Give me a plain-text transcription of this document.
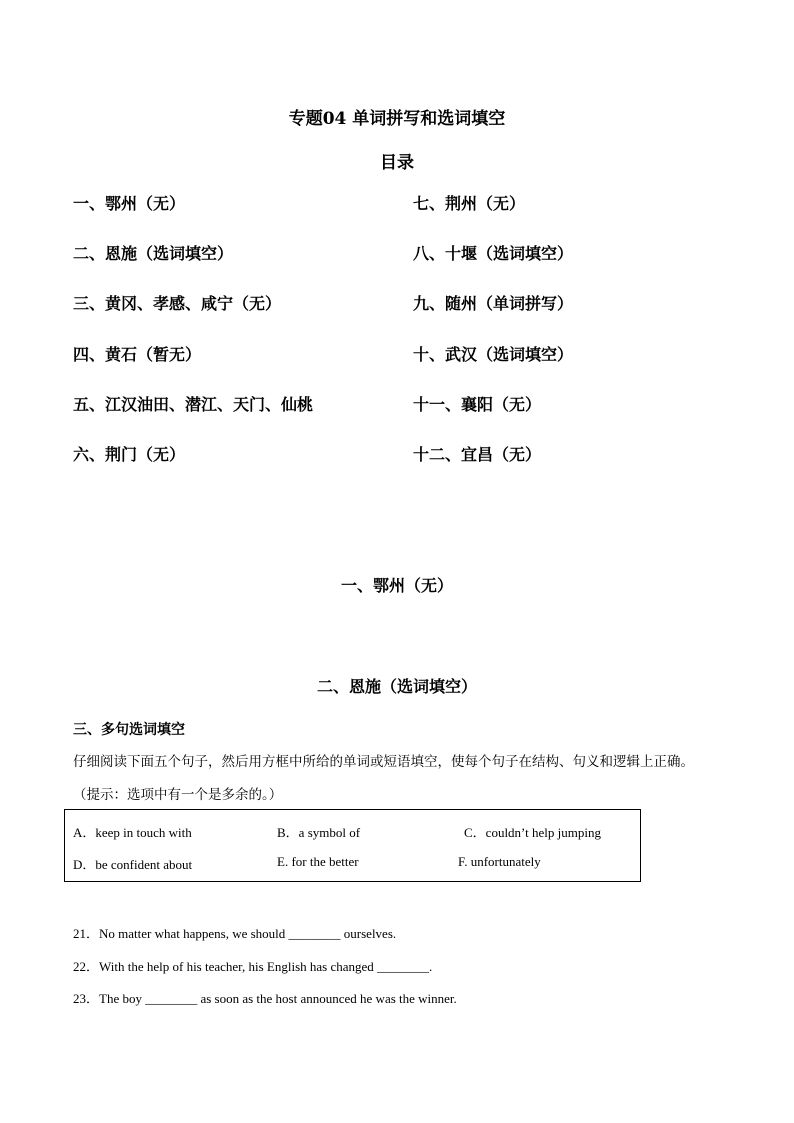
专题04 单词拼写和选词填空
目录
一、鄂州（无）
二、恩施（选词填空）
三、黄冈、孝感、咸宁（无）
四、黄石（暂无）
五、江汉油田、潜江、天门、仙桃
六、荆门（无）
七、荆州（无）
八、十堰（选词填空）
九、随州（单词拼写）
十、武汉（选词填空）
十一、襄阳（无）
十二、宜昌（无）
一、鄂州（无）
二、恩施（选词填空）
三、多句选词填空
仔细阅读下面五个句子，然后用方框中所给的单词或短语填空，使每个句子在结构、句义和逻辑上正确。
（提示：选项中有一个是多余的。）
A．keep in touch with	B．a symbol of	C．couldn’t help jumping
D．be confident about	E. for the better	F. unfortunately
21．No matter what happens, we should ________ ourselves.
22．With the help of his teacher, his English has changed ________.
23．The boy ________ as soon as the host announced he was the winner.
